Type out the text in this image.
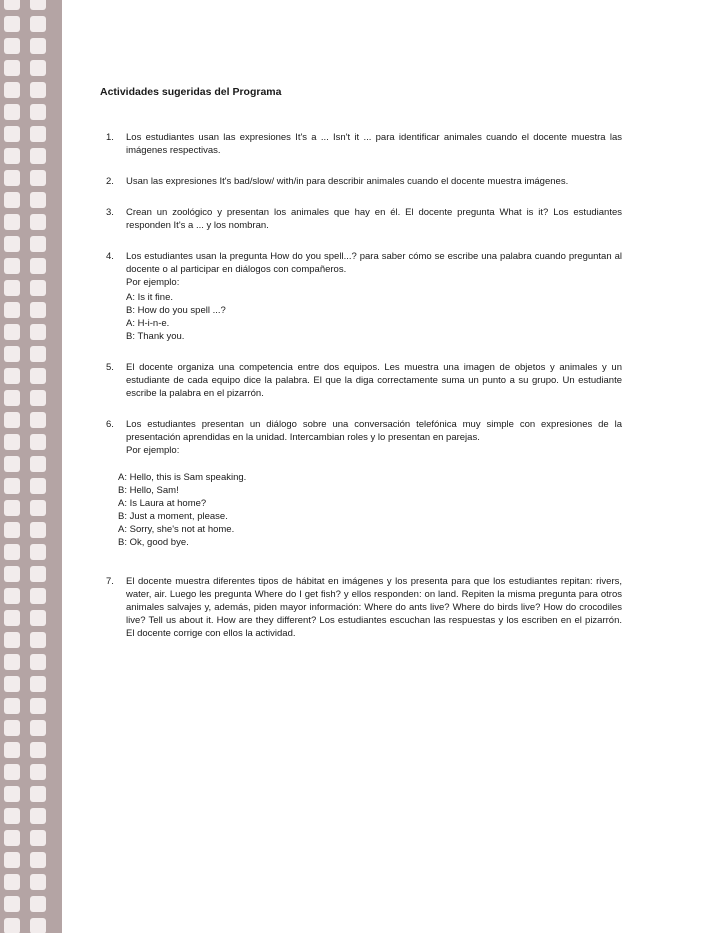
Actividades sugeridas del Programa
1.	Los estudiantes usan las expresiones It's a ... Isn't it ... para identificar animales cuando el docente muestra las imágenes respectivas.
2.	Usan las expresiones It's bad/slow/ with/in para describir animales cuando el docente muestra imágenes.
3.	Crean un zoológico y presentan los animales que hay en él. El docente pregunta What is it? Los estudiantes responden It's a ... y los nombran.
4.	Los estudiantes usan la pregunta How do you spell...? para saber cómo se escribe una palabra cuando preguntan al docente o al participar en diálogos con compañeros.
Por ejemplo:
A: Is it fine.
B: How do you spell ...?
A: H-i-n-e.
B: Thank you.
5.	El docente organiza una competencia entre dos equipos. Les muestra una imagen de objetos y animales y un estudiante de cada equipo dice la palabra. El que la diga correctamente suma un punto a su grupo. Un estudiante escribe la palabra en el pizarrón.
6.	Los estudiantes presentan un diálogo sobre una conversación telefónica muy simple con expresiones de la presentación aprendidas en la unidad. Intercambian roles y lo presentan en parejas.
Por ejemplo:
A: Hello, this is Sam speaking.
B: Hello, Sam!
A: Is Laura at home?
B: Just a moment, please.
A: Sorry, she's not at home.
B: Ok, good bye.
7.	El docente muestra diferentes tipos de hábitat en imágenes y los presenta para que los estudiantes repitan: rivers, water, air. Luego les pregunta Where do I get fish? y ellos responden: on land. Repiten la misma pregunta para otros animales salvajes y, además, piden mayor información: Where do ants live? Where do birds live? How do crocodiles live? Tell us about it. How are they different? Los estudiantes escuchan las respuestas y los escriben en el pizarrón. El docente corrige con ellos la actividad.
